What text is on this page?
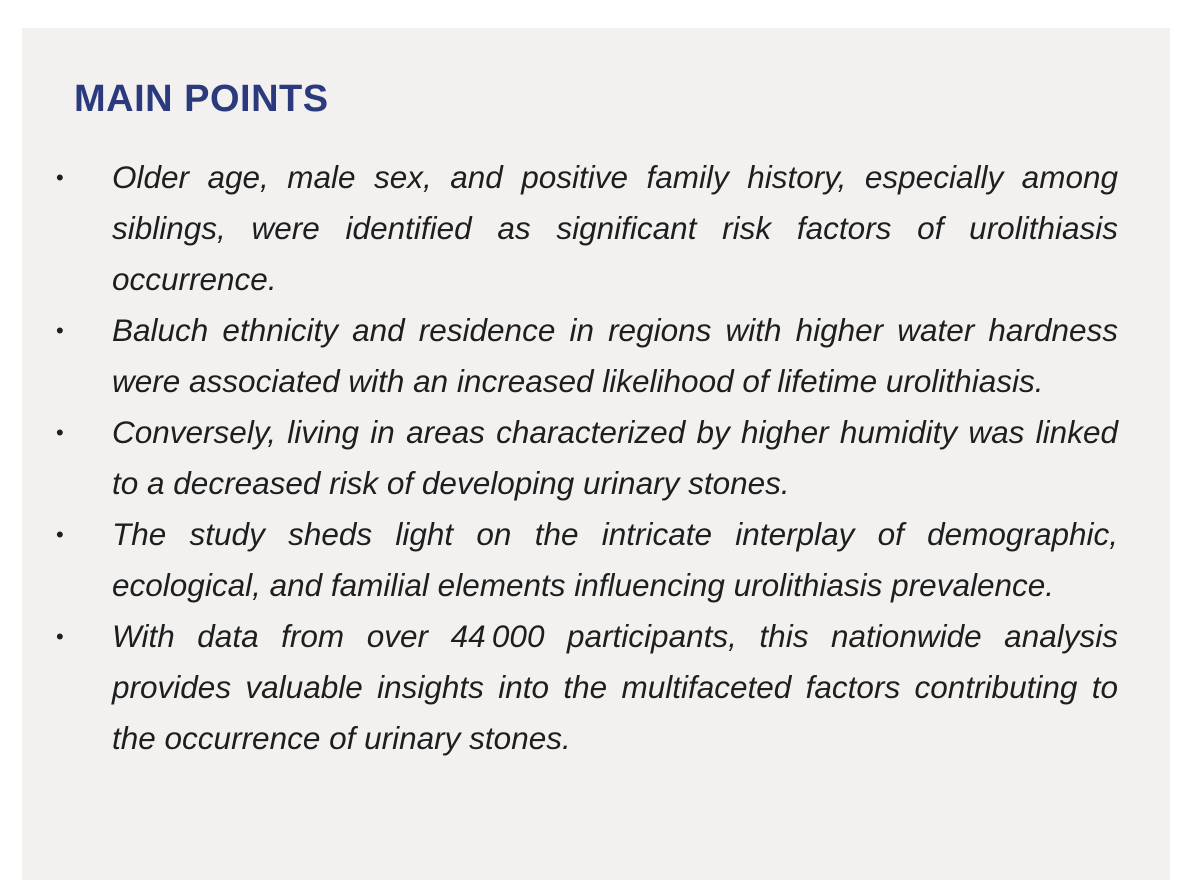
MAIN POINTS
• Older age, male sex, and positive family history, especially among siblings, were identified as significant risk factors of urolithiasis occurrence.
• Baluch ethnicity and residence in regions with higher water hardness were associated with an increased likelihood of lifetime urolithiasis.
• Conversely, living in areas characterized by higher humidity was linked to a decreased risk of developing urinary stones.
• The study sheds light on the intricate interplay of demographic, ecological, and familial elements influencing urolithiasis prevalence.
• With data from over 44 000 participants, this nationwide analysis provides valuable insights into the multifaceted factors contributing to the occurrence of urinary stones.
